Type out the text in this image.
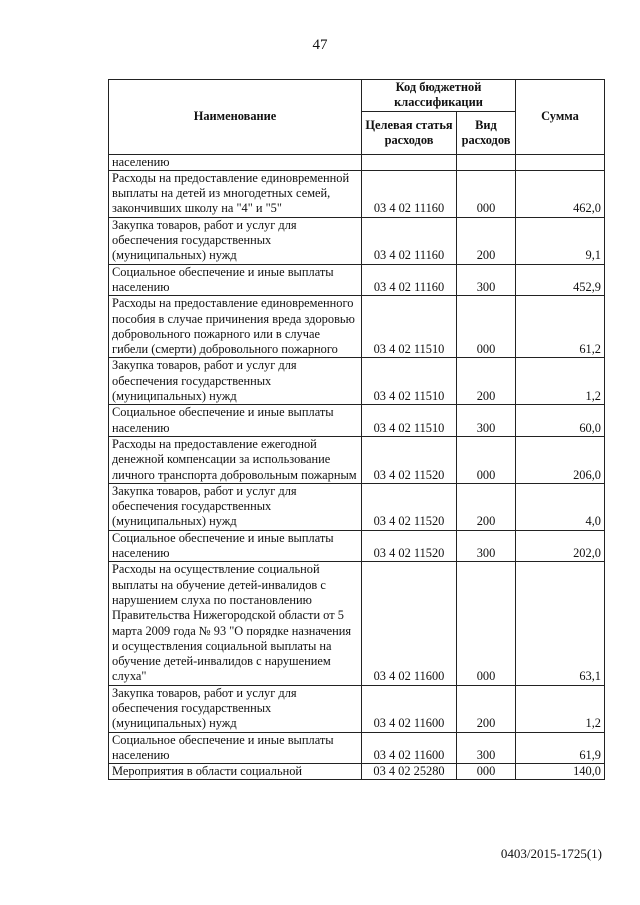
47
Наименование	Код бюджетной классификации		Сумма
	Целевая статья расходов	Вид расходов	
населению			
Расходы на предоставление единовременной выплаты на детей из многодетных семей, закончивших школу на "4" и "5"	03 4 02 11160	000	462,0
Закупка товаров, работ и услуг для обеспечения государственных (муниципальных) нужд	03 4 02 11160	200	9,1
Социальное обеспечение и иные выплаты населению	03 4 02 11160	300	452,9
Расходы на предоставление единовременного пособия в случае причинения вреда здоровью добровольного пожарного или в случае гибели (смерти) добровольного пожарного	03 4 02 11510	000	61,2
Закупка товаров, работ и услуг для обеспечения государственных (муниципальных) нужд	03 4 02 11510	200	1,2
Социальное обеспечение и иные выплаты населению	03 4 02 11510	300	60,0
Расходы на предоставление ежегодной денежной компенсации за использование личного транспорта добровольным пожарным	03 4 02 11520	000	206,0
Закупка товаров, работ и услуг для обеспечения государственных (муниципальных) нужд	03 4 02 11520	200	4,0
Социальное обеспечение и иные выплаты населению	03 4 02 11520	300	202,0
Расходы на осуществление социальной выплаты на обучение детей-инвалидов с нарушением слуха по постановлению Правительства Нижегородской области от 5 марта 2009 года № 93 "О порядке назначения и осуществления социальной выплаты на обучение детей-инвалидов с нарушением слуха"	03 4 02 11600	000	63,1
Закупка товаров, работ и услуг для обеспечения государственных (муниципальных) нужд	03 4 02 11600	200	1,2
Социальное обеспечение и иные выплаты населению	03 4 02 11600	300	61,9
Мероприятия в области социальной	03 4 02 25280	000	140,0
0403/2015-1725(1)
